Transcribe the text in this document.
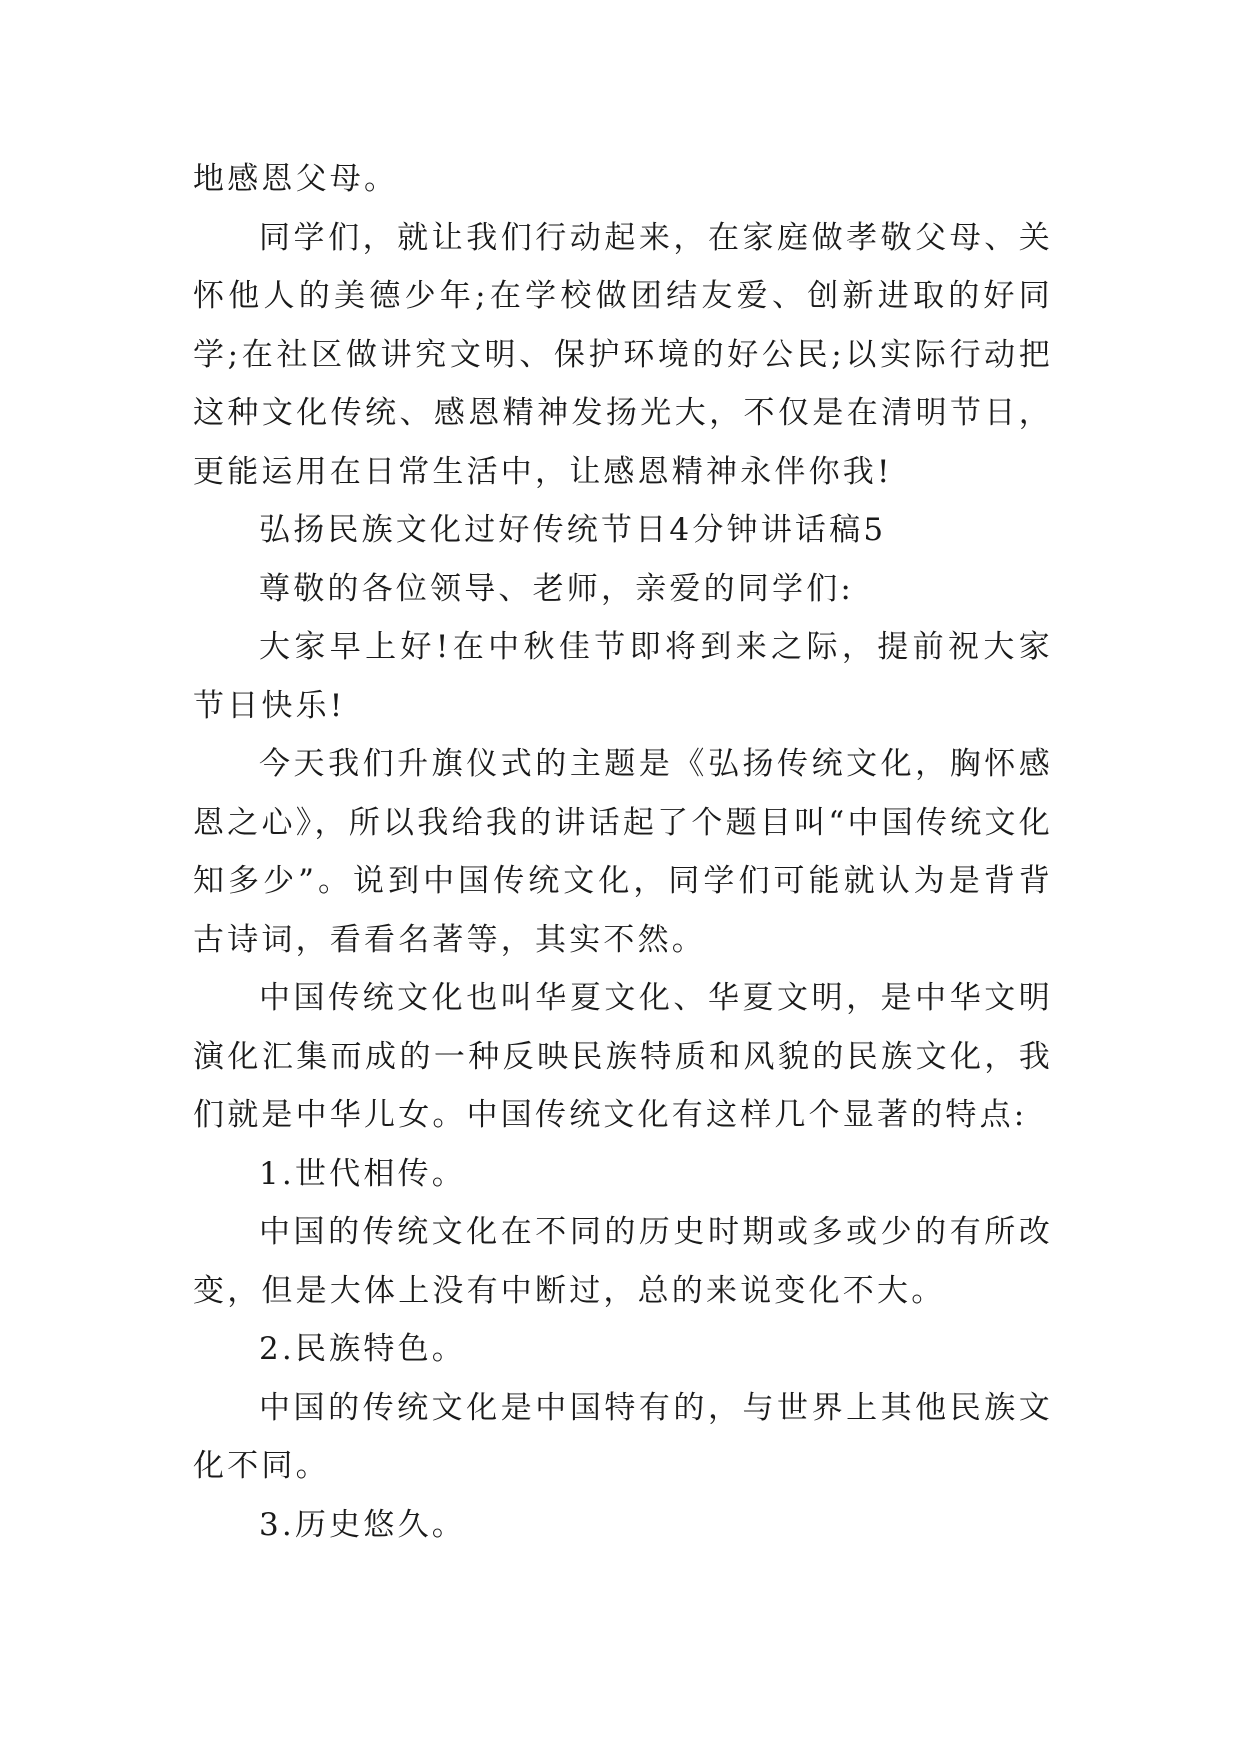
地感恩父母。

同学们，就让我们行动起来，在家庭做孝敬父母、关怀他人的美德少年;在学校做团结友爱、创新进取的好同学;在社区做讲究文明、保护环境的好公民;以实际行动把这种文化传统、感恩精神发扬光大，不仅是在清明节日，更能运用在日常生活中，让感恩精神永伴你我!

弘扬民族文化过好传统节日4分钟讲话稿5

尊敬的各位领导、老师，亲爱的同学们:

大家早上好!在中秋佳节即将到来之际，提前祝大家节日快乐!

今天我们升旗仪式的主题是《弘扬传统文化，胸怀感恩之心》，所以我给我的讲话起了个题目叫“中国传统文化知多少”。说到中国传统文化，同学们可能就认为是背背古诗词，看看名著等，其实不然。

中国传统文化也叫华夏文化、华夏文明，是中华文明演化汇集而成的一种反映民族特质和风貌的民族文化，我们就是中华儿女。中国传统文化有这样几个显著的特点:

1.世代相传。

中国的传统文化在不同的历史时期或多或少的有所改变，但是大体上没有中断过，总的来说变化不大。

2.民族特色。

中国的传统文化是中国特有的，与世界上其他民族文化不同。

3.历史悠久。
